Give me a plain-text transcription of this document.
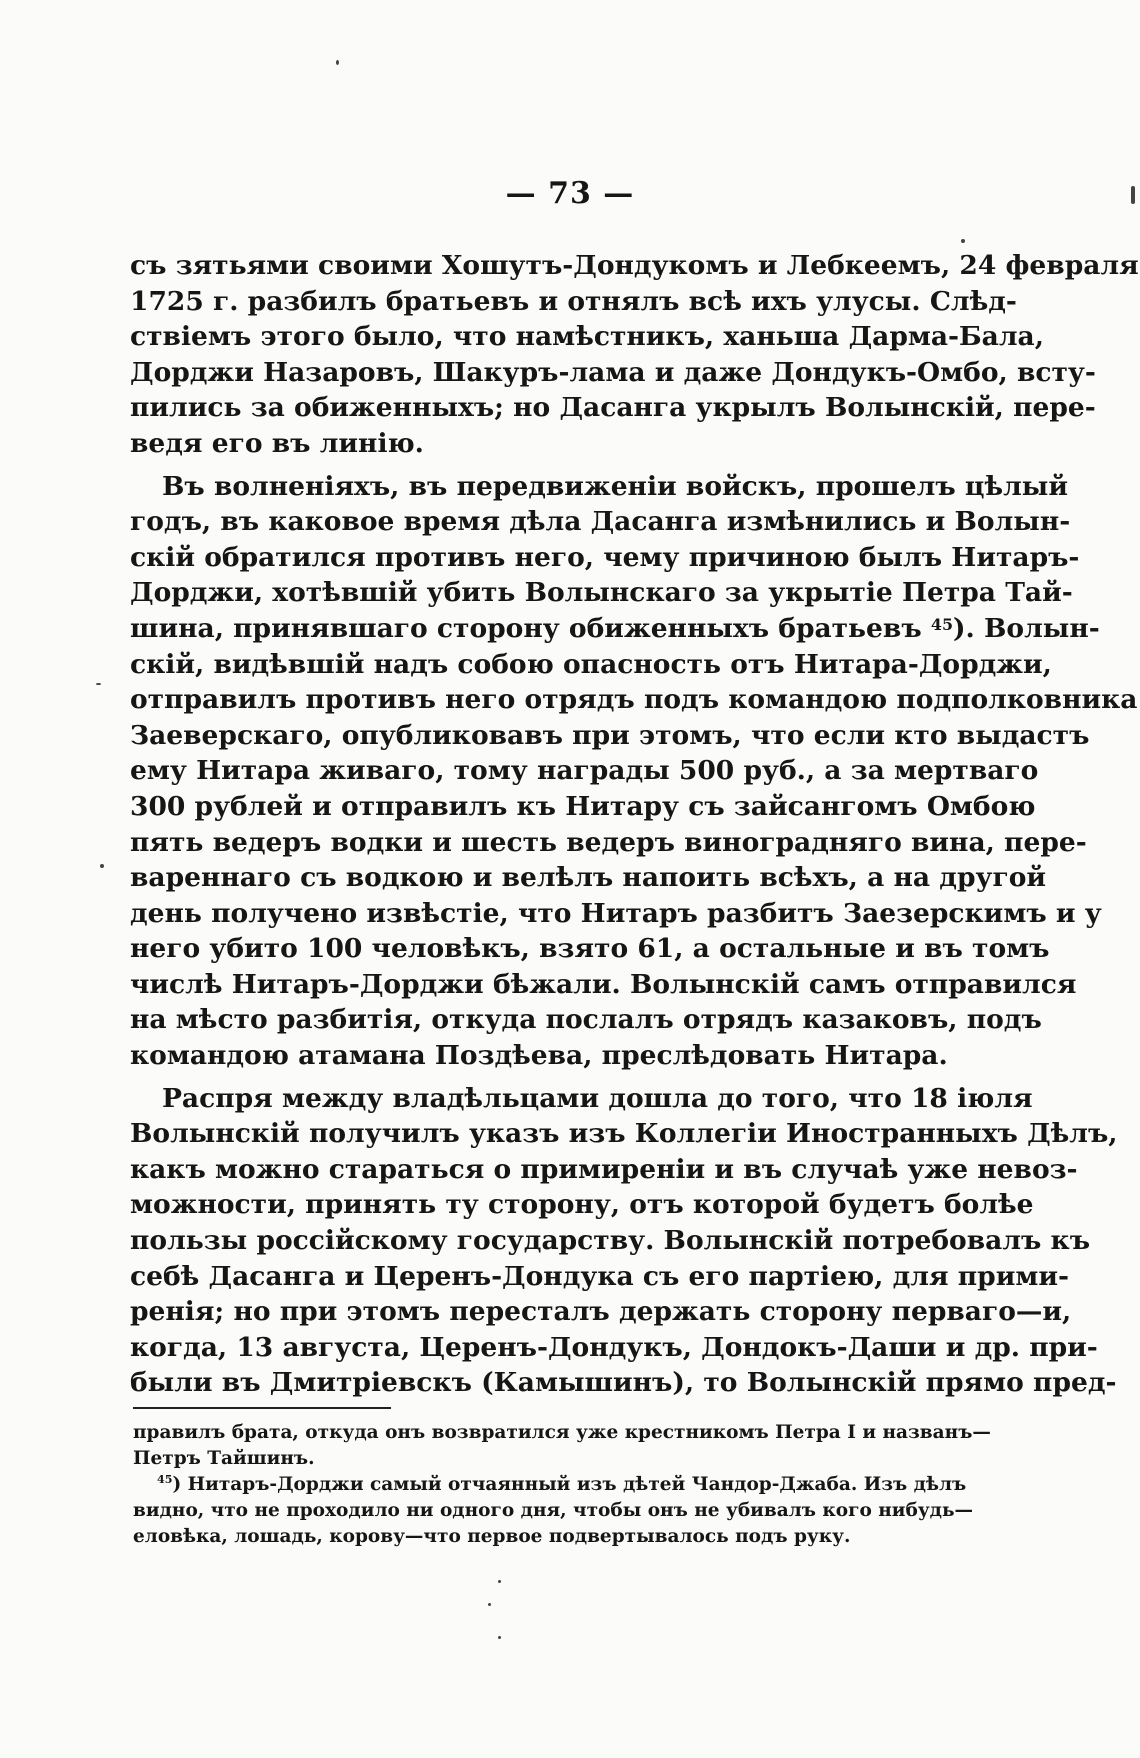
— 73 —
съ зятьями своими Хошутъ-Дондукомъ и Лебкеемъ, 24 февраля
1725 г. разбилъ братьевъ и отнялъ всѣ ихъ улусы. Слѣд-
ствіемъ этого было, что намѣстникъ, ханьша Дарма-Бала,
Дорджи Назаровъ, Шакуръ-лама и даже Дондукъ-Омбо, всту-
пились за обиженныхъ; но Дасанга укрылъ Волынскій, пере-
ведя его въ линію.
Въ волненіяхъ, въ передвиженіи войскъ, прошелъ цѣлый
годъ, въ каковое время дѣла Дасанга измѣнились и Волын-
скій обратился противъ него, чему причиною былъ Нитаръ-
Дорджи, хотѣвшій убить Волынскаго за укрытіе Петра Тай-
шина, принявшаго сторону обиженныхъ братьевъ $^{45}$). Волын-
скій, видѣвшій надъ собою опасность отъ Нитара-Дорджи,
отправилъ противъ него отрядъ подъ командою подполковника
Заеверскаго, опубликовавъ при этомъ, что если кто выдастъ
ему Нитара живаго, тому награды 500 руб., а за мертваго
300 рублей и отправилъ къ Нитару съ зайсангомъ Омбою
пять ведеръ водки и шесть ведеръ виноградняго вина, пере-
вареннаго съ водкою и велѣлъ напоить всѣхъ, а на другой
день получено извѣстіе, что Нитаръ разбитъ Заезерскимъ и у
него убито 100 человѣкъ, взято 61, а остальные и въ томъ
числѣ Нитаръ-Дорджи бѣжали. Волынскій самъ отправился
на мѣсто разбитія, откуда послалъ отрядъ казаковъ, подъ
командою атамана Поздѣева, преслѣдовать Нитара.
Распря между владѣльцами дошла до того, что 18 іюля
Волынскій получилъ указъ изъ Коллегіи Иностранныхъ Дѣлъ,
какъ можно стараться о примиреніи и въ случаѣ уже невоз-
можности, принять ту сторону, отъ которой будетъ болѣе
пользы россійскому государству. Волынскій потребовалъ къ
себѣ Дасанга и Церенъ-Дондука съ его партіею, для прими-
ренія; но при этомъ пересталъ держать сторону перваго—и,
когда, 13 августа, Церенъ-Дондукъ, Дондокъ-Даши и др. при-
были въ Дмитріевскъ (Камышинъ), то Волынскій прямо пред-
правилъ брата, откуда онъ возвратился уже крестникомъ Петра I и названъ—
Петръ Тайшинъ.
$^{45}$) Нитаръ-Дорджи самый отчаянный изъ дѣтей Чандор-Джаба. Изъ дѣлъ
видно, что не проходило ни одного дня, чтобы онъ не убивалъ кого нибудь—
еловѣка, лошадь, корову—что первое подвертывалось подъ руку.
